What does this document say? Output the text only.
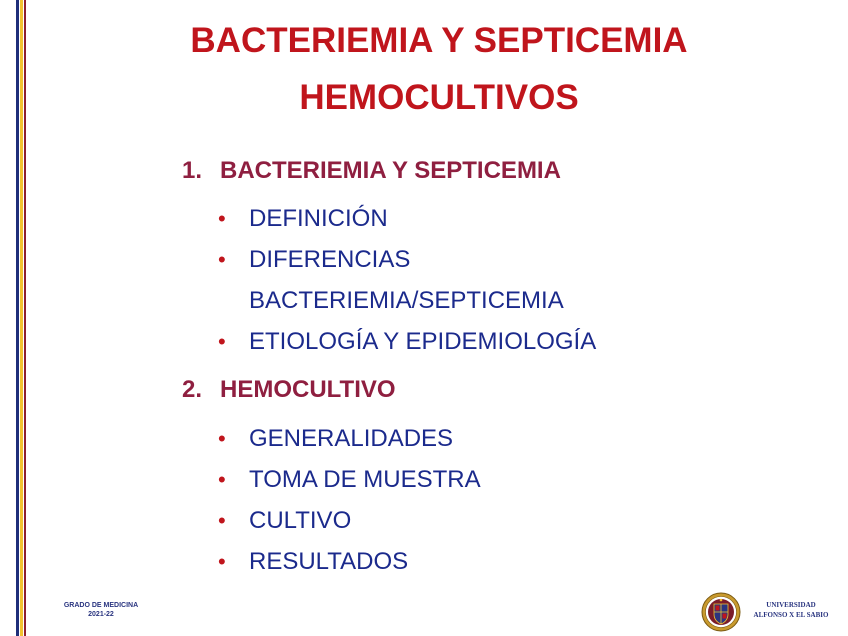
BACTERIEMIA Y SEPTICEMIA
HEMOCULTIVOS
1. BACTERIEMIA Y SEPTICEMIA
• DEFINICIÓN
• DIFERENCIAS
BACTERIEMIA/SEPTICEMIA
• ETIOLOGÍA Y EPIDEMIOLOGÍA
2. HEMOCULTIVO
• GENERALIDADES
• TOMA DE MUESTRA
• CULTIVO
• RESULTADOS
GRADO DE MEDICINA
2021-22
UNIVERSIDAD
ALFONSO X EL SABIO
